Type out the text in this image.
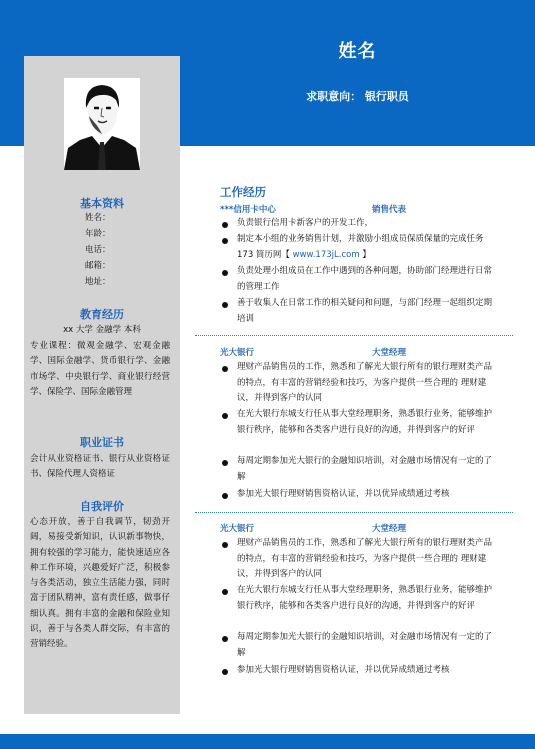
姓名
求职意向： 银行职员
基本资料
姓名：
年龄：
电话：
邮箱：
地址：
教育经历
xx 大学 金融学 本科
专业课程：微观金融学、宏观金融学、国际金融学、货币银行学、金融市场学、中央银行学、商业银行经营学、保险学、国际金融管理
职业证书
会计从业资格证书、银行从业资格证书、保险代理人资格证
自我评价
心态开放，善于自我调节，韧劲开阔，易接受新知识，认识新事物快，拥有较强的学习能力，能快速适应各种工作环境，兴趣爱好广泛，积极参与各类活动，独立生活能力强，同时富于团队精神，富有责任感，做事仔细认真。拥有丰富的金融和保险业知识，善于与各类人群交际，有丰富的营销经验。
工作经历
***信用卡中心	销售代表
负责银行信用卡新客户的开发工作，
制定本小组的业务销售计划，并激励小组成员保质保量的完成任务 173 简历网【 www.173jL.com 】
负责处理小组成员在工作中遇到的各种问题，协助部门经理进行日常的管理工作
善于收集人在日常工作的相关疑问和问题，与部门经理一起组织定期培训
光大银行	大堂经理
理财产品销售员的工作，熟悉和了解光大银行所有的银行理财类产品的特点，有丰富的营销经验和技巧，为客户提供一些合理的 理财建议，并得到客户的认同
在光大银行东城支行任从事大堂经理职务，熟悉银行业务，能够维护银行秩序，能够和各类客户进行良好的沟通，并得到客户的好评
每周定期参加光大银行的金融知识培训，对金融市场情况有一定的了解
参加光大银行理财销售资格认证，并以优异成绩通过考核
光大银行	大堂经理
理财产品销售员的工作，熟悉和了解光大银行所有的银行理财类产品的特点，有丰富的营销经验和技巧，为客户提供一些合理的 理财建议，并得到客户的认同
在光大银行东城支行任从事大堂经理职务，熟悉银行业务，能够维护银行秩序，能够和各类客户进行良好的沟通，并得到客户的好评
每周定期参加光大银行的金融知识培训，对金融市场情况有一定的了解
参加光大银行理财销售资格认证，并以优异成绩通过考核
